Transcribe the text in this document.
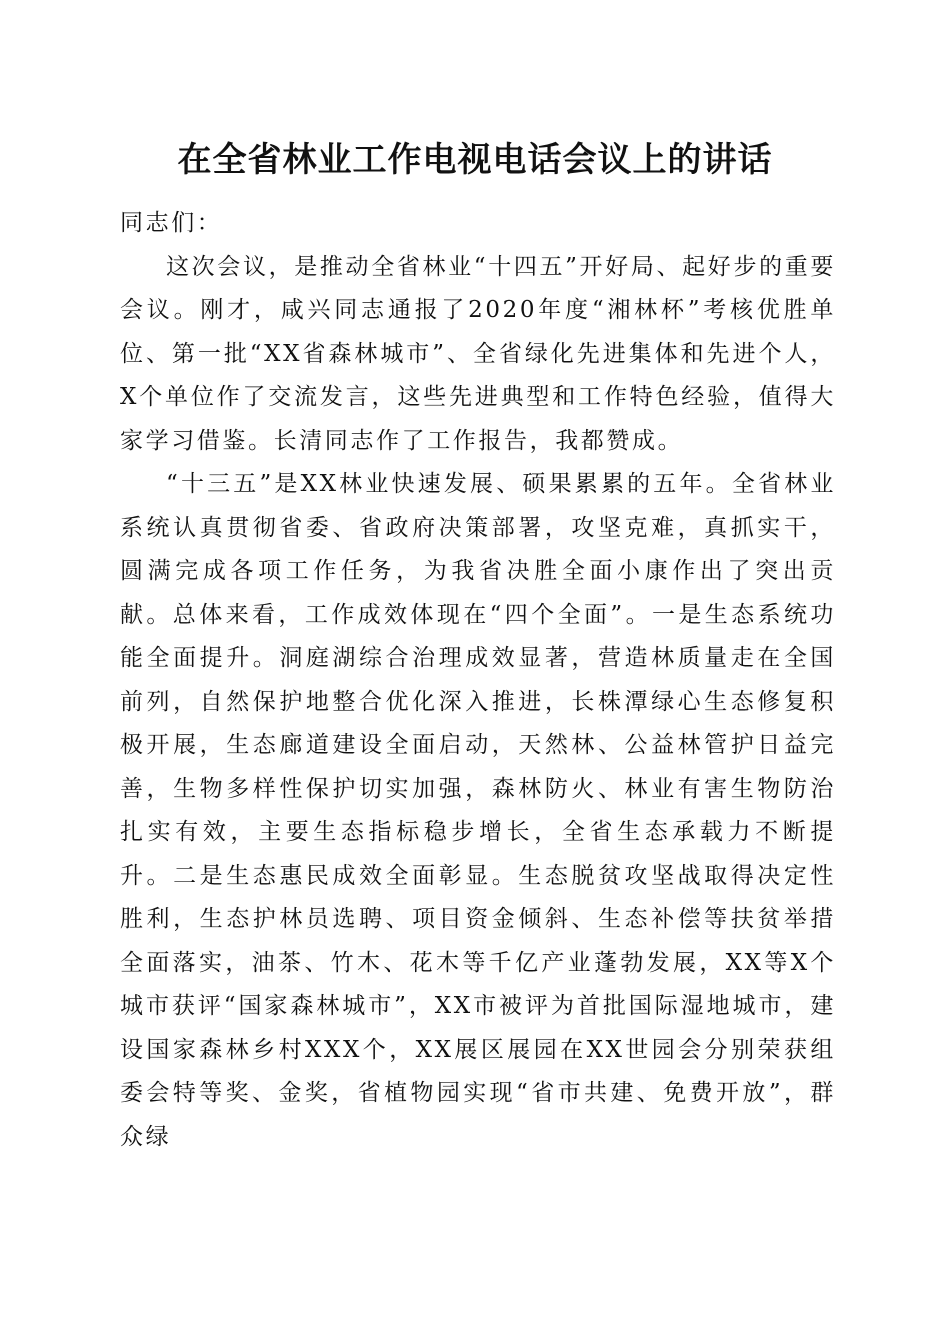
在全省林业工作电视电话会议上的讲话

同志们：

这次会议，是推动全省林业“十四五”开好局、起好步的重要会议。刚才，咸兴同志通报了2020年度“湘林杯”考核优胜单位、第一批“XX省森林城市”、全省绿化先进集体和先进个人，X个单位作了交流发言，这些先进典型和工作特色经验，值得大家学习借鉴。长清同志作了工作报告，我都赞成。

“十三五”是XX林业快速发展、硕果累累的五年。全省林业系统认真贯彻省委、省政府决策部署，攻坚克难，真抓实干，圆满完成各项工作任务，为我省决胜全面小康作出了突出贡献。总体来看，工作成效体现在“四个全面”。一是生态系统功能全面提升。洞庭湖综合治理成效显著，营造林质量走在全国前列，自然保护地整合优化深入推进，长株潭绿心生态修复积极开展，生态廊道建设全面启动，天然林、公益林管护日益完善，生物多样性保护切实加强，森林防火、林业有害生物防治扎实有效，主要生态指标稳步增长，全省生态承载力不断提升。二是生态惠民成效全面彰显。生态脱贫攻坚战取得决定性胜利，生态护林员选聘、项目资金倾斜、生态补偿等扶贫举措全面落实，油茶、竹木、花木等千亿产业蓬勃发展，XX等X个城市获评“国家森林城市”，XX市被评为首批国际湿地城市，建设国家森林乡村XXX个，XX展区展园在XX世园会分别荣获组委会特等奖、金奖，省植物园实现“省市共建、免费开放”，群众绿
